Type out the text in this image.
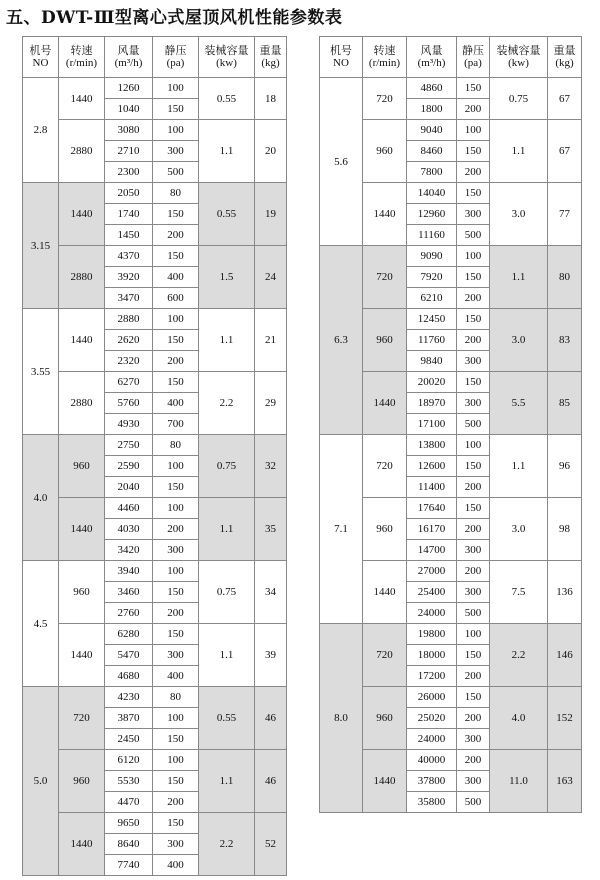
五、DWT-Ⅲ型离心式屋顶风机性能参数表
机号
NO	转速
(r/min)	风量
(m³/h)	静压
(pa)	装械容量
(kw)	重量
(kg)

2.8	1440	1260	100	0.55	18
		1040	150		
	2880	3080	100	1.1	20
		2710	300		
		2300	500		
3.15	1440	2050	80	0.55	19
		1740	150		
		1450	200		
	2880	4370	150	1.5	24
		3920	400		
		3470	600		
3.55	1440	2880	100	1.1	21
		2620	150		
		2320	200		
	2880	6270	150	2.2	29
		5760	400		
		4930	700		
4.0	960	2750	80	0.75	32
		2590	100		
		2040	150		
	1440	4460	100	1.1	35
		4030	200		
		3420	300		
4.5	960	3940	100	0.75	34
		3460	150		
		2760	200		
	1440	6280	150	1.1	39
		5470	300		
		4680	400		
5.0	720	4230	80	0.55	46
		3870	100		
		2450	150		
	960	6120	100	1.1	46
		5530	150		
		4470	200		
	1440	9650	150	2.2	52
		8640	300		
		7740	400		
机号
NO	转速
(r/min)	风量
(m³/h)	静压
(pa)	装械容量
(kw)	重量
(kg)

5.6	720	4860	150	0.75	67
		1800	200		
	960	9040	100	1.1	67
		8460	150		
		7800	200		
	1440	14040	150	3.0	77
		12960	300		
		11160	500		
6.3	720	9090	100	1.1	80
		7920	150		
		6210	200		
	960	12450	150	3.0	83
		11760	200		
		9840	300		
	1440	20020	150	5.5	85
		18970	300		
		17100	500		
7.1	720	13800	100	1.1	96
		12600	150		
		11400	200		
	960	17640	150	3.0	98
		16170	200		
		14700	300		
	1440	27000	200	7.5	136
		25400	300		
		24000	500		
8.0	720	19800	100	2.2	146
		18000	150		
		17200	200		
	960	26000	150	4.0	152
		25020	200		
		24000	300		
	1440	40000	200	11.0	163
		37800	300		
		35800	500		
